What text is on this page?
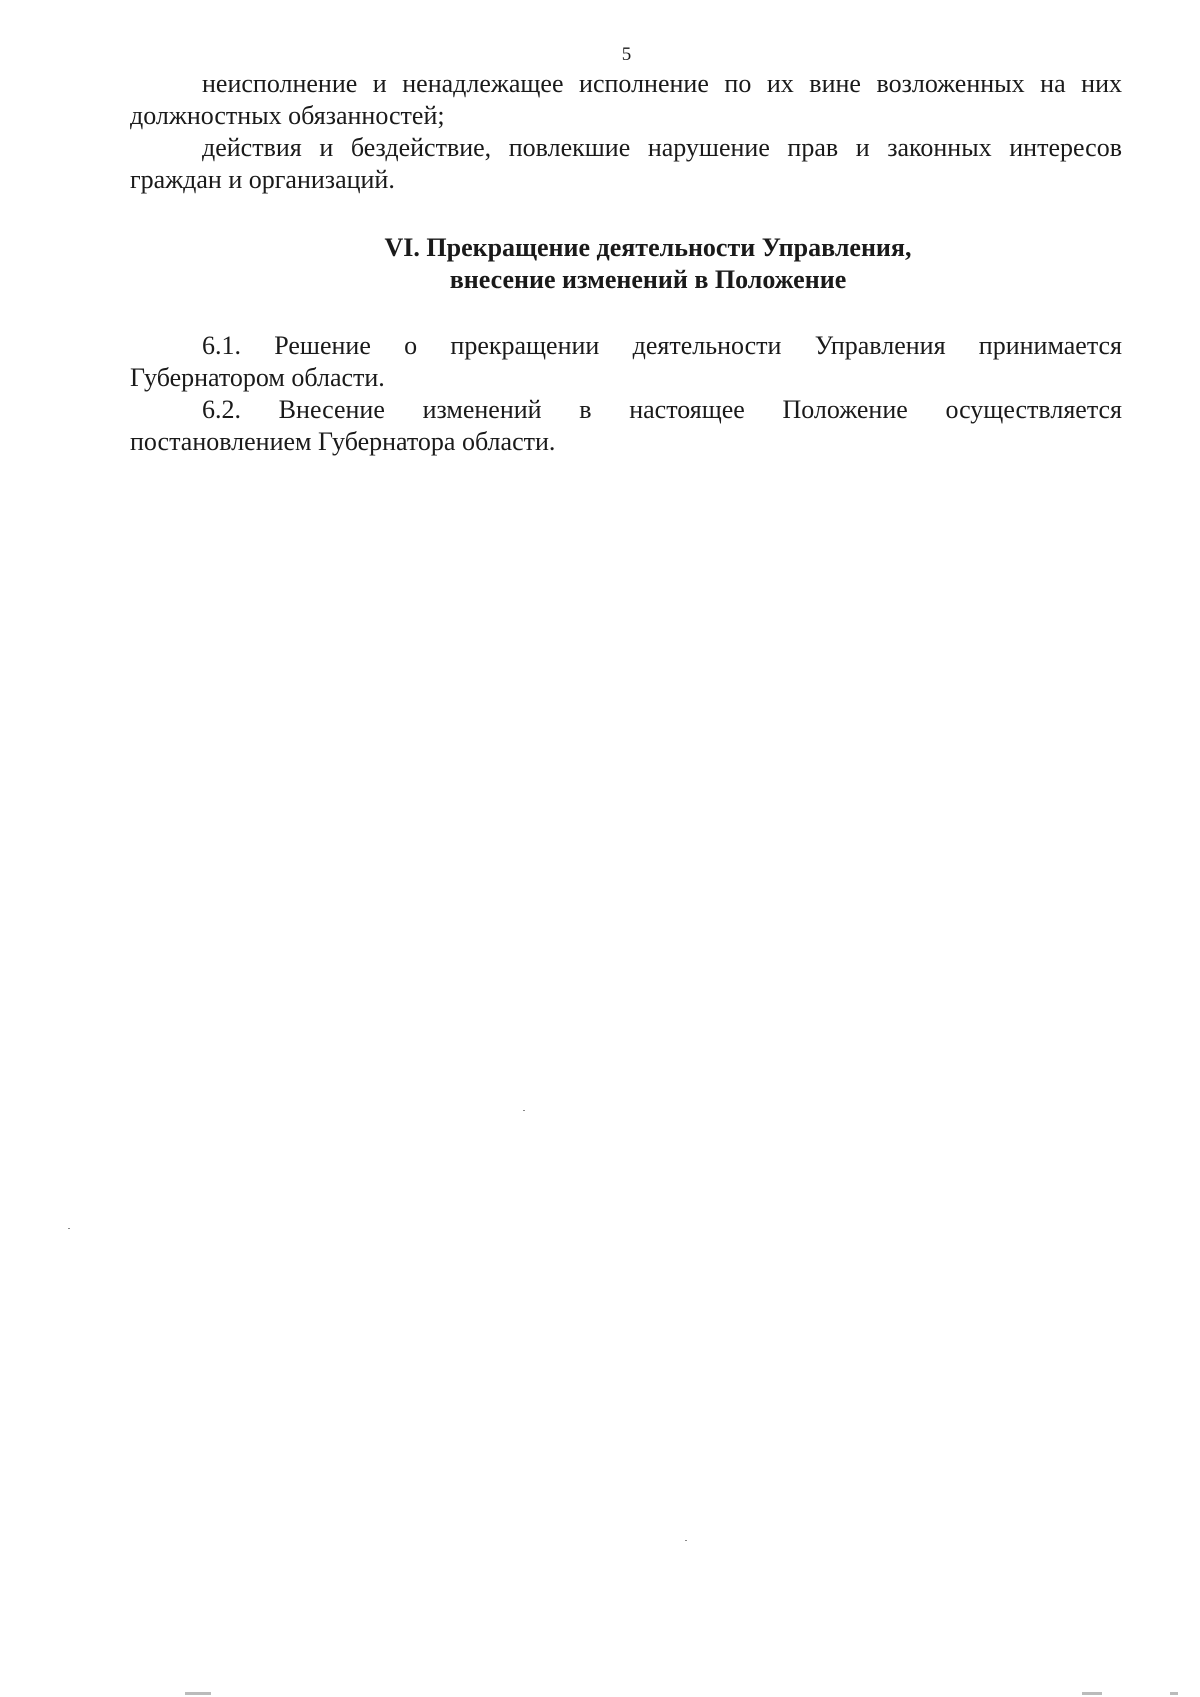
5

неисполнение и ненадлежащее исполнение по их вине возложенных на них должностных обязанностей;

действия и бездействие, повлекшие нарушение прав и законных интересов граждан и организаций.

VI. Прекращение деятельности Управления,
внесение изменений в Положение

6.1. Решение о прекращении деятельности Управления принимается Губернатором области.

6.2. Внесение изменений в настоящее Положение осуществляется постановлением Губернатора области.
